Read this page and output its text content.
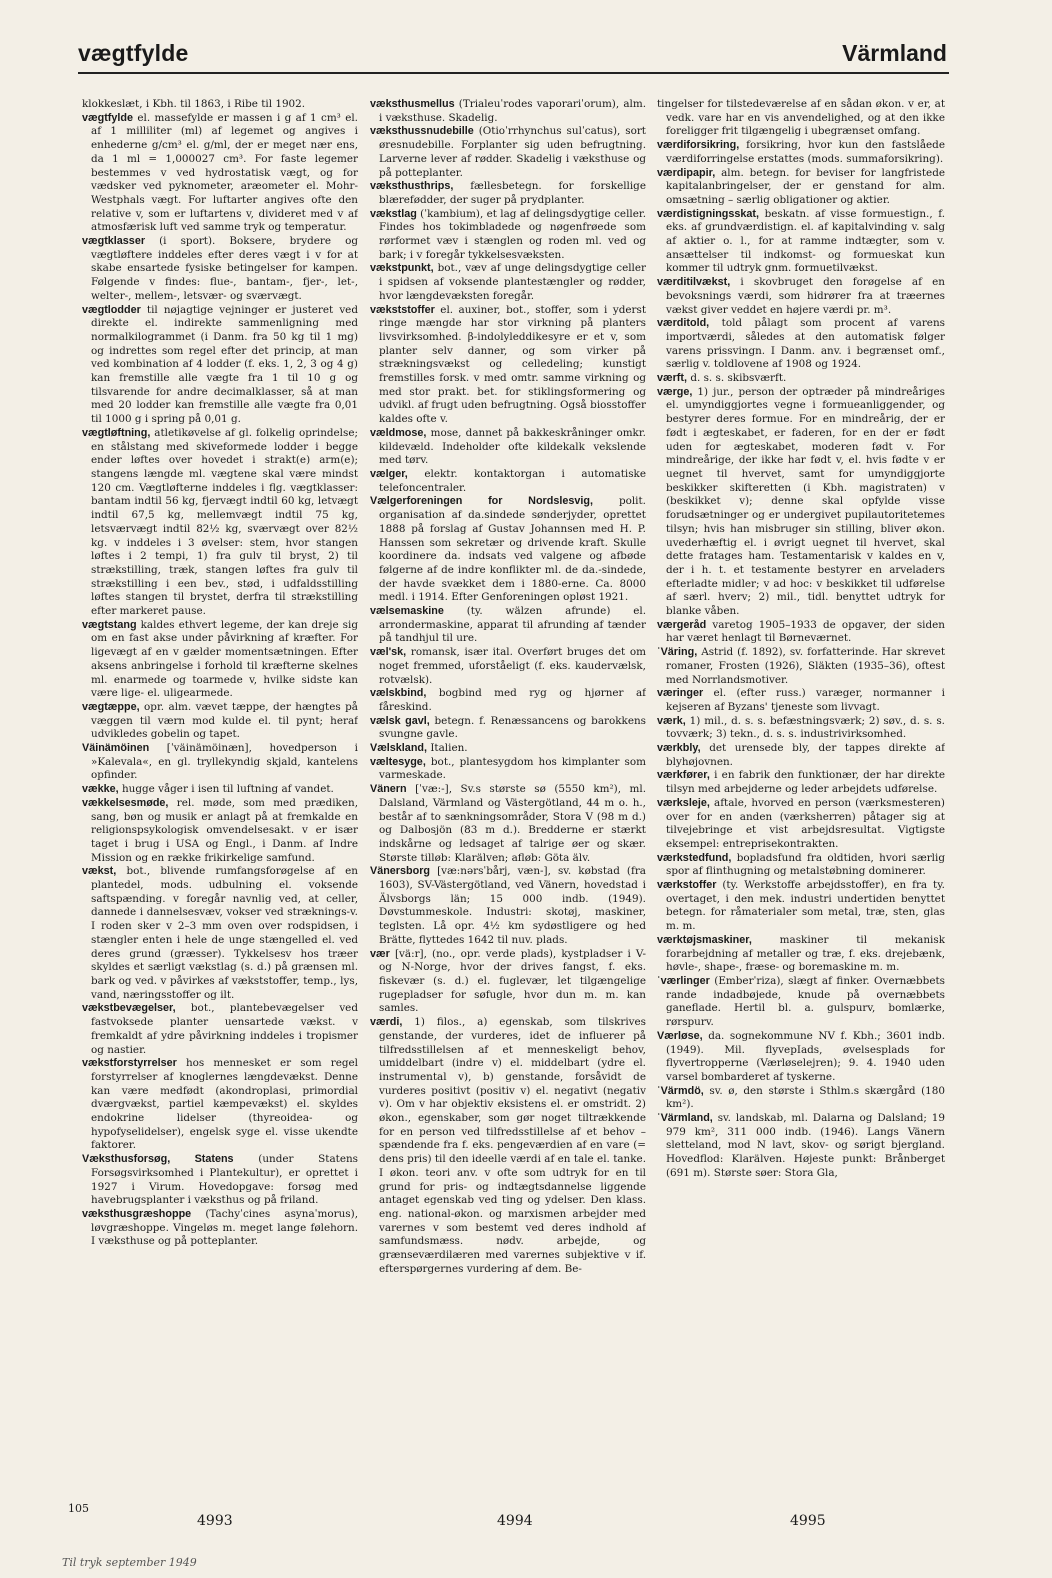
vægtfylde	Värmland

klokkeslæt, i Kbh. til 1863, i Ribe til 1902.

vægtfylde el. massefylde er massen i g af 1 cm³ el. af 1 milliliter (ml) af legemet og angives i enhederne g/cm³ el. g/ml, der er meget nær ens, da 1 ml = 1,000027 cm³. For faste legemer bestemmes v ved hydrostatisk vægt, og for vædsker ved pyknometer, aræometer el. Mohr-Westphals vægt. For luftarter angives ofte den relative v, som er luftartens v, divideret med v af atmosfærisk luft ved samme tryk og temperatur.

vægtklasser (i sport). Boksere, brydere og vægtløftere inddeles efter deres vægt i v for at skabe ensartede fysiske betingelser for kampen. Følgende v findes: flue-, bantam-, fjer-, let-, welter-, mellem-, letsvær- og sværvægt.

vægtlodder til nøjagtige vejninger er justeret ved direkte el. indirekte sammenligning med normalkilogrammet (i Danm. fra 50 kg til 1 mg) og indrettes som regel efter det princip, at man ved kombination af 4 lodder (f. eks. 1, 2, 3 og 4 g) kan fremstille alle vægte fra 1 til 10 g og tilsvarende for andre decimalklasser, så at man med 20 lodder kan fremstille alle vægte fra 0,01 til 1000 g i spring på 0,01 g.

vægtløftning, atletikøvelse af gl. folkelig oprindelse; en stålstang med skiveformede lodder i begge ender løftes over hovedet i strakt(e) arm(e); stangens længde ml. vægtene skal være mindst 120 cm. Vægtløfterne inddeles i flg. vægtklasser: bantam indtil 56 kg, fjervægt indtil 60 kg, letvægt indtil 67,5 kg, mellemvægt indtil 75 kg, letsværvægt indtil 82½ kg, sværvægt over 82½ kg. v inddeles i 3 øvelser: stem, hvor stangen løftes i 2 tempi, 1) fra gulv til bryst, 2) til strækstilling, træk, stangen løftes fra gulv til strækstilling i een bev., stød, i udfaldsstilling løftes stangen til brystet, derfra til strækstilling efter markeret pause.

vægtstang kaldes ethvert legeme, der kan dreje sig om en fast akse under påvirkning af kræfter. For ligevægt af en v gælder momentsætningen. Efter aksens anbringelse i forhold til kræfterne skelnes ml. enarmede og toarmede v, hvilke sidste kan være lige- el. uligearmede.

vægtæppe, opr. alm. vævet tæppe, der hængtes på væggen til værn mod kulde el. til pynt; heraf udvikledes gobelin og tapet.

Väinämöinen [ˈväinämöinæn], hovedperson i »Kalevala«, en gl. tryllekyndig skjald, kantelens opfinder.

vække, hugge våger i isen til luftning af vandet.

vækkelsesmøde, rel. møde, som med prædiken, sang, bøn og musik er anlagt på at fremkalde en religionspsykologisk omvendelsesakt. v er især taget i brug i USA og Engl., i Danm. af Indre Mission og en række frikirkelige samfund.

vækst, bot., blivende rumfangsforøgelse af en plantedel, mods. udbulning el. voksende saftspænding. v foregår navnlig ved, at celler, dannede i dannelsesvæv, vokser ved stræknings-v. I roden sker v 2–3 mm oven over rodspidsen, i stængler enten i hele de unge stængelled el. ved deres grund (græsser). Tykkelsesv hos træer skyldes et særligt vækstlag (s. d.) på grænsen ml. bark og ved. v påvirkes af vækststoffer, temp., lys, vand, næringsstoffer og ilt.

vækstbevægelser, bot., plantebevægelser ved fastvoksede planter uensartede vækst. v fremkaldt af ydre påvirkning inddeles i tropismer og nastier.

vækstforstyrrelser hos mennesket er som regel forstyrrelser af knoglernes længdevækst. Denne kan være medfødt (akondroplasi, primordial dværgvækst, partiel kæmpevækst) el. skyldes endokrine lidelser (thyreoidea- og hypofyselidelser), engelsk syge el. visse ukendte faktorer.

Væksthusforsøg, Statens (under Statens Forsøgsvirksomhed i Plantekultur), er oprettet i 1927 i Virum. Hovedopgave: forsøg med havebrugsplanter i væksthus og på friland.

væksthusgræshoppe (Tachyˈcines asynaˈmorus), løvgræshoppe. Vingeløs m. meget lange følehorn. I væksthuse og på potteplanter.

væksthusmellus (Trialeuˈrodes vaporariˈorum), alm. i væksthuse. Skadelig.

væksthussnudebille (Otioˈrrhynchus sulˈcatus), sort øresnudebille. Forplanter sig uden befrugtning. Larverne lever af rødder. Skadelig i væksthuse og på potteplanter.

væksthusthrips, fællesbetegn. for forskellige blærefødder, der suger på prydplanter.

vækstlag (ˈkambium), et lag af delingsdygtige celler. Findes hos tokimbladede og nøgenfrøede som rørformet væv i stænglen og roden ml. ved og bark; i v foregår tykkelsesvæksten.

vækstpunkt, bot., væv af unge delingsdygtige celler i spidsen af voksende plantestængler og rødder, hvor længdevæksten foregår.

vækststoffer el. auxiner, bot., stoffer, som i yderst ringe mængde har stor virkning på planters livsvirksomhed. β-indolyleddikesyre er et v, som planter selv danner, og som virker på strækningsvækst og celledeling; kunstigt fremstilles forsk. v med omtr. samme virkning og med stor prakt. bet. for stiklingsformering og udvikl. af frugt uden befrugtning. Også biosstoffer kaldes ofte v.

vældmose, mose, dannet på bakkeskråninger omkr. kildevæld. Indeholder ofte kildekalk vekslende med tørv.

vælger, elektr. kontaktorgan i automatiske telefoncentraler.

Vælgerforeningen for Nordslesvig,	polit. organisation af da.sindede sønderjyder, oprettet 1888 på forslag af Gustav Johannsen med H. P. Hanssen som sekretær og drivende kraft. Skulle koordinere da. indsats ved valgene og afbøde følgerne af de indre konflikter ml. de da.-sindede, der havde svækket dem i 1880-erne. Ca. 8000 medl. i 1914. Efter Genforeningen opløst 1921.

vælsemaskine (ty. wälzen afrunde) el. arrondermaskine, apparat til afrunding af tænder på tandhjul til ure.

væl'sk, romansk, især ital. Overført bruges det om noget fremmed, uforståeligt (f. eks. kaudervælsk, rotvælsk).

vælskbind, bogbind med ryg og hjørner af fåreskind.

vælsk gavl, betegn. f. Renæssancens og barokkens svungne gavle.

Vælskland, Italien.

væltesyge, bot., plantesygdom hos kimplanter som varmeskade.

Vänern [ˈvæ:-], Sv.s største sø (5550 km²), ml. Dalsland, Värmland og Västergötland, 44 m o. h., består af to sænkningsområder, Stora V (98 m d.) og Dalbosjön (83 m d.). Bredderne er stærkt indskårne og ledsaget af talrige øer og skær. Største tilløb: Klarälven; afløb: Göta älv.

Vänersborg [væ:nərsˈbårj, væn-], sv. købstad (fra 1603), SV-Västergötland, ved Vänern, hovedstad i Älvsborgs län; 15 000 indb. (1949). Døvstummeskole. Industri: skotøj, maskiner, teglsten. Lå opr. 4½ km sydøstligere og hed Brätte, flyttedes 1642 til nuv. plads.

vær [vä:r], (no., opr. verde plads), kystpladser i V- og N-Norge, hvor der drives fangst, f. eks. fiskevær (s. d.) el. fuglevær, let tilgængelige rugepladser for søfugle, hvor dun m. m. kan samles.

værdi, 1) filos., a) egenskab, som tilskrives genstande, der vurderes, idet de influerer på tilfredsstillelsen af et menneskeligt behov, umiddelbart (indre v) el. middelbart (ydre el. instrumental v), b) genstande, forsåvidt de vurderes positivt (positiv v) el. negativt (negativ v). Om v har objektiv eksistens el. er omstridt. 2) økon., egenskaber, som gør noget tiltrækkende for en person ved tilfredsstillelse af et behov – spændende fra f. eks. pengeværdien af en vare (= dens pris) til den ideelle værdi af en tale el. tanke. I økon. teori anv. v ofte som udtryk for en til grund for pris- og indtægtsdannelse liggende antaget egenskab ved ting og ydelser. Den klass. eng. national-økon. og marxismen arbejder med varernes v som bestemt ved deres indhold af samfundsmæss. nødv. arbejde, og grænseværdilæren med varernes subjektive v if. efterspørgernes vurdering af dem. Be-

tingelser for tilstedeværelse af en sådan økon. v er, at vedk. vare har en vis anvendelighed, og at den ikke foreligger frit tilgængelig i ubegrænset omfang.

værdiforsikring, forsikring, hvor kun den fastslåede værdiforringelse erstattes (mods. summaforsikring).

værdipapir, alm. betegn. for beviser for langfristede kapitalanbringelser, der er genstand for alm. omsætning – særlig obligationer og aktier.

værdistigningsskat, beskatn. af visse formuestign., f. eks. af grundværdistign. el. af kapitalvinding v. salg af aktier o. l., for at ramme indtægter, som v. ansættelser til indkomst- og formueskat kun kommer til udtryk gnm. formuetilvækst.

værditilvækst, i skovbruget den forøgelse af en bevoksnings værdi, som hidrører fra at træernes vækst giver veddet en højere værdi pr. m³.

værditold, told pålagt som procent af varens importværdi, således at den automatisk følger varens prissvingn. I Danm. anv. i begrænset omf., særlig v. toldlovene af 1908 og 1924.

værft, d. s. s. skibsværft.

værge, 1) jur., person der optræder på mindreåriges el. umyndiggjortes vegne i formueanliggender, og bestyrer deres formue. For en mindreårig, der er født i ægteskabet, er faderen, for en der er født uden for ægteskabet, moderen født v. For mindreårige, der ikke har født v, el. hvis fødte v er uegnet til hvervet, samt for umyndiggjorte beskikker skifteretten (i Kbh. magistraten) v (beskikket v); denne skal opfylde visse forudsætninger og er undergivet pupilautoritetemes tilsyn; hvis han misbruger sin stilling, bliver økon. uvederhæftig el. i øvrigt uegnet til hvervet, skal dette fratages ham. Testamentarisk v kaldes en v, der i h. t. et testamente bestyrer en arveladers efterladte midler; v ad hoc: v beskikket til udførelse af særl. hverv; 2) mil., tidl. benyttet udtryk for blanke våben.

værgeråd varetog 1905–1933 de opgaver, der siden har været henlagt til Børneværnet.

ˈVäring, Astrid (f. 1892), sv. forfatterinde. Har skrevet romaner, Frosten (1926), Släkten (1935–36), oftest med Norrlandsmotiver.

væringer el. (efter russ.) varæger, normanner i kejseren af Byzans' tjeneste som livvagt.

værk, 1) mil., d. s. s. befæstningsværk; 2) søv., d. s. s. tovværk; 3) tekn., d. s. s. industrivirksomhed.

værkbly, det urensede bly, der tappes direkte af blyhøjovnen.

værkfører, i en fabrik den funktionær, der har direkte tilsyn med arbejderne og leder arbejdets udførelse.

værksleje, aftale, hvorved en person (værksmesteren) over for en anden (værksherren) påtager sig at tilvejebringe et vist arbejdsresultat. Vigtigste eksempel: entreprisekontrakten.

værkstedfund, bopladsfund fra oldtiden, hvori særlig spor af flinthugning og metalstøbning dominerer.

værkstoffer (ty. Werkstoffe arbejdsstoffer), en fra ty. overtaget, i den mek. industri undertiden benyttet betegn. for råmaterialer som metal, træ, sten, glas m. m.

værktøjsmaskiner,	maskiner til mekanisk forarbejdning af metaller og træ, f. eks. drejebænk, høvle-, shape-, fræse- og boremaskine m. m.

ˈværlinger (Emberˈriza), slægt af finker. Overnæbbets rande indadbøjede, knude på overnæbbets ganeflade. Hertil bl. a. gulspurv, bomlærke, rørspurv.

Værløse, da. sognekommune NV f. Kbh.; 3601 indb. (1949). Mil. flyvepIads, øvelsesplads for flyvertropperne (Værløselejren); 9. 4. 1940 uden varsel bombarderet af tyskerne.

ˈVärmdö, sv. ø, den største i Sthlm.s skærgård (180 km²).

ˈVärmland, sv. landskab, ml. Dalarna og Dalsland; 19 979 km², 311 000 indb. (1946). Langs Vänern sletteland, mod N lavt, skov- og sørigt bjergland. Hovedflod: Klarälven. Højeste punkt: Brånberget (691 m). Største søer: Stora Gla,

105
4993	4994	4995
Til tryk september 1949
